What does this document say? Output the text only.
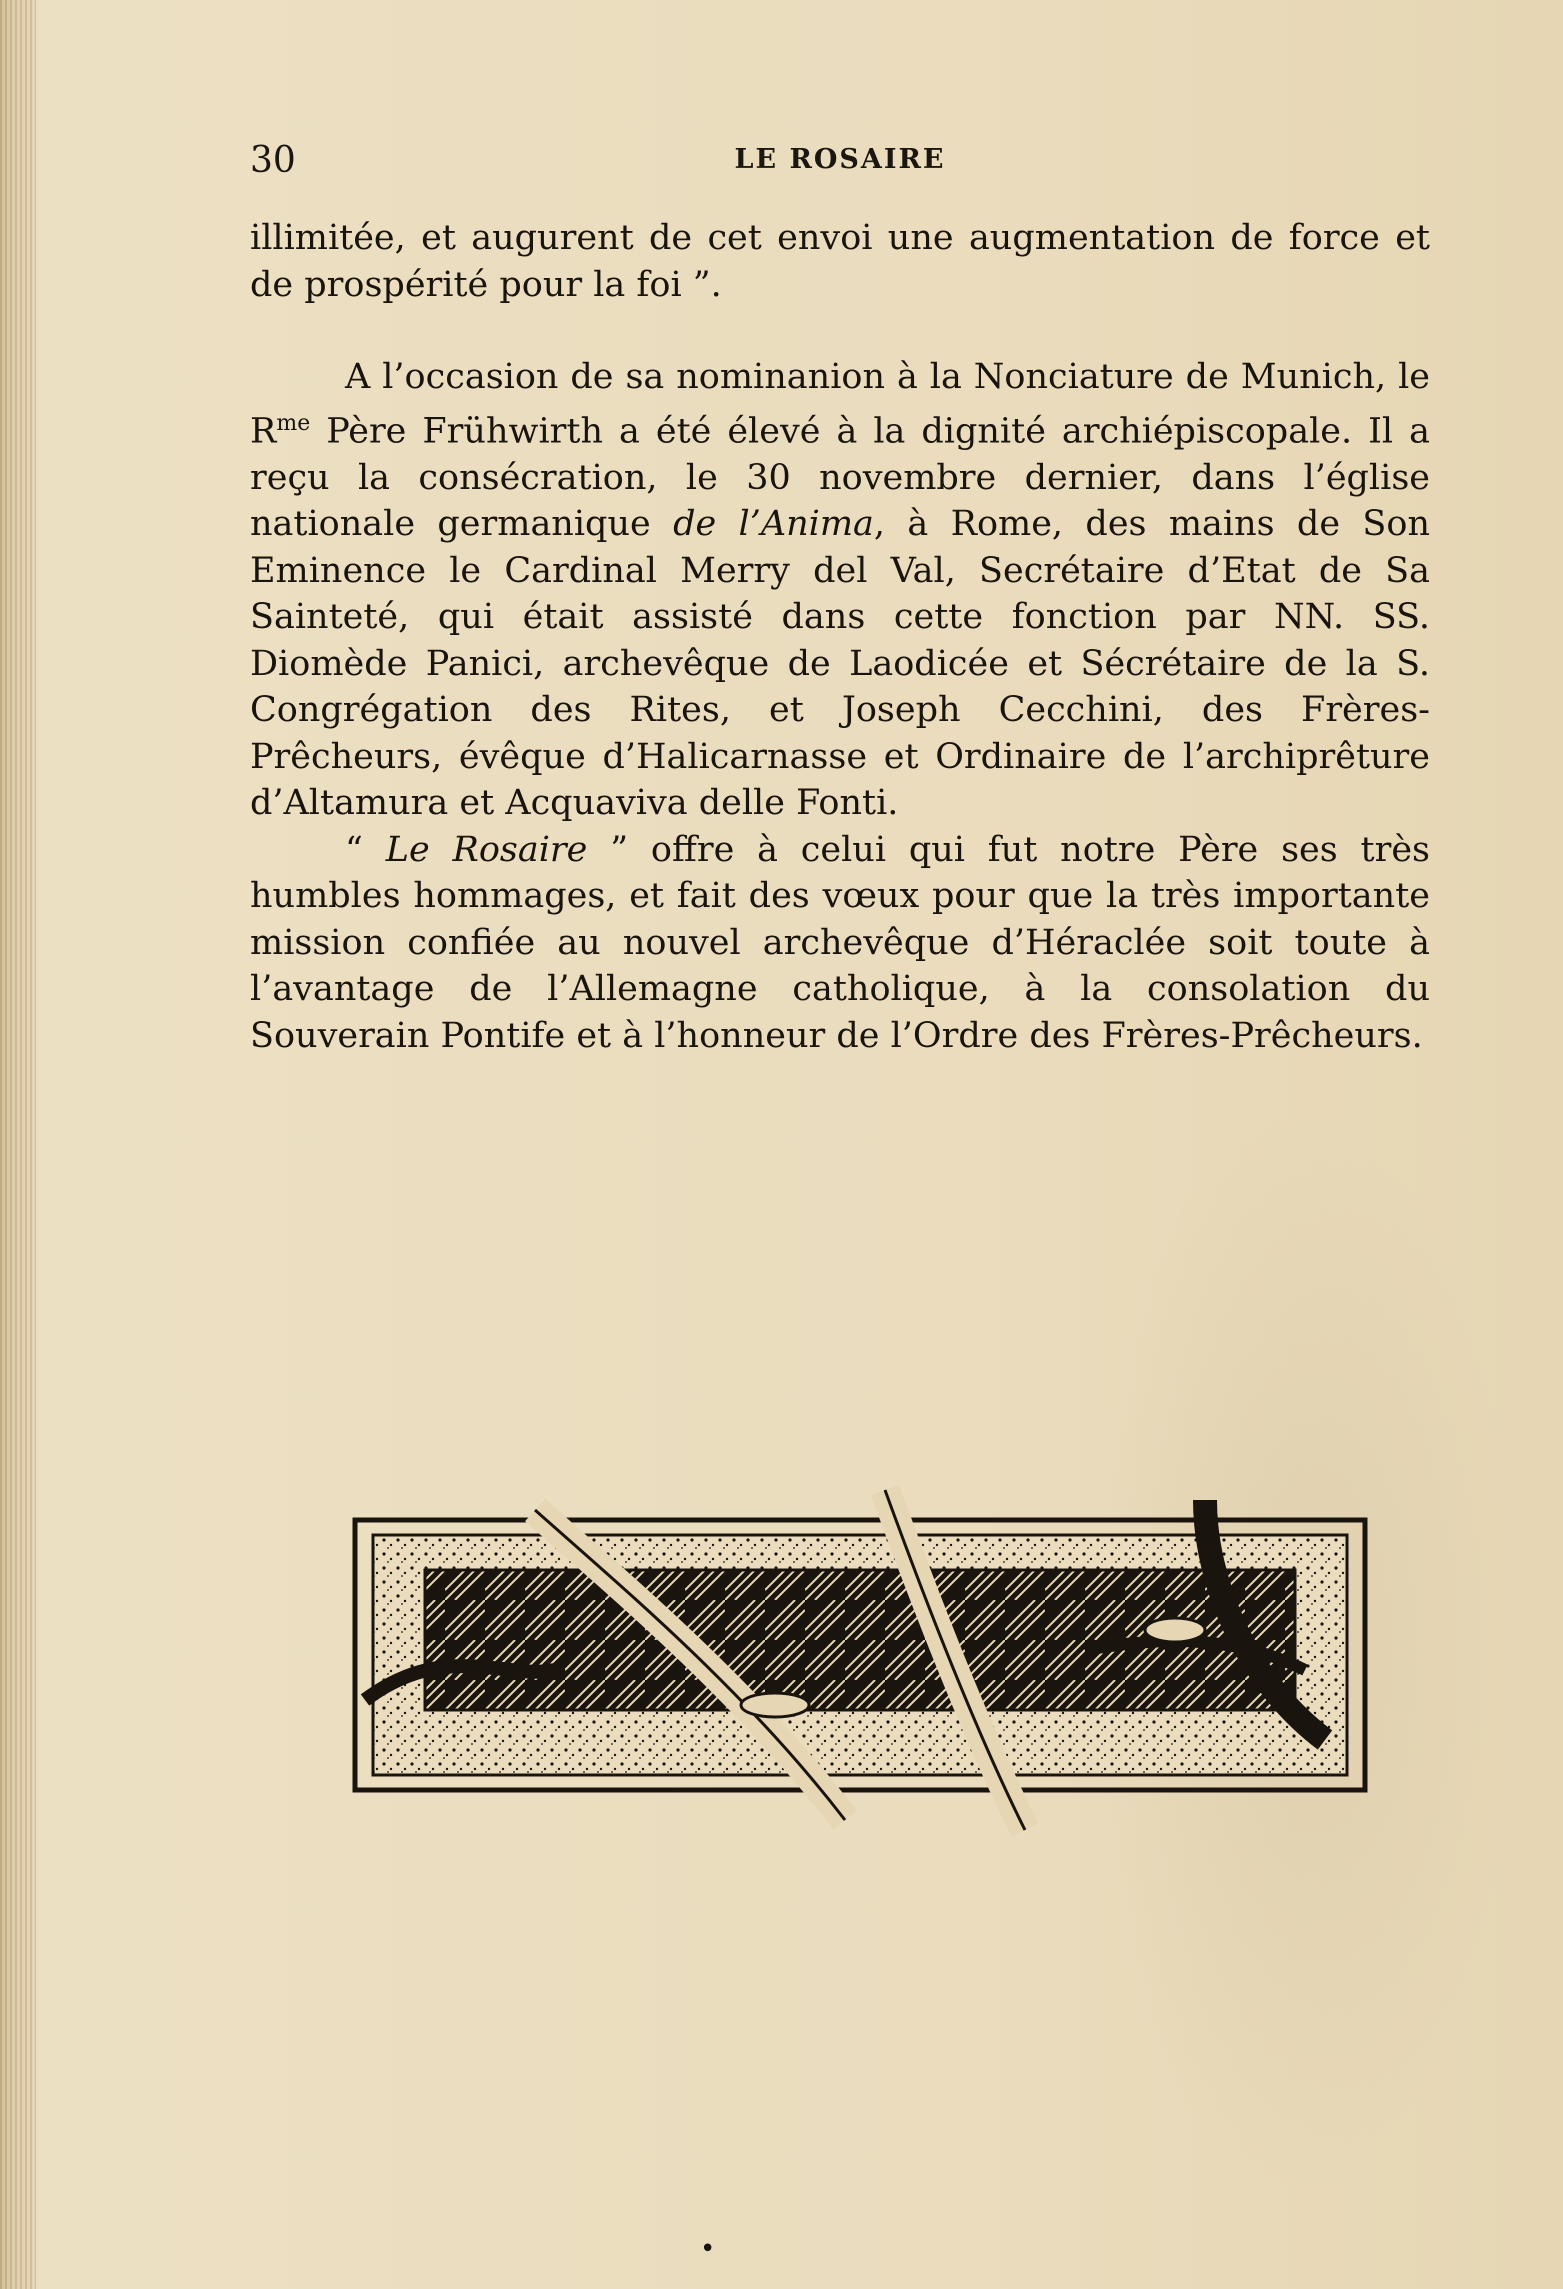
30	LE ROSAIRE

illimitée, et augurent de cet envoi une augmentation de force et de prospérité pour la foi ”.

A l’occasion de sa nominanion à la Nonciature de Munich, le $R^{me}$ Père Frühwirth a été élevé à la dignité archiépiscopale. Il a reçu la consécration, le 30 novembre dernier, dans l’église nationale germanique de l’Anima, à Rome, des mains de Son Eminence le Cardinal Merry del Val, Secrétaire d’Etat de Sa Sainteté, qui était assisté dans cette fonction par NN. SS. Diomède Panici, archevêque de Laodicée et Sécrétaire de la S. Congrégation des Rites, et Joseph Cecchini, des Frères-Prêcheurs, évêque d’Halicarnasse et Ordinaire de l’archiprêture d’Altamura et Acquaviva delle Fonti.

“ Le Rosaire ” offre à celui qui fut notre Père ses très humbles hommages, et fait des vœux pour que la très importante mission confiée au nouvel archevêque d’Héraclée soit toute à l’avantage de l’Allemagne catholique, à la consolation du Souverain Pontife et à l’honneur de l’Ordre des Frères-Prêcheurs.

•
